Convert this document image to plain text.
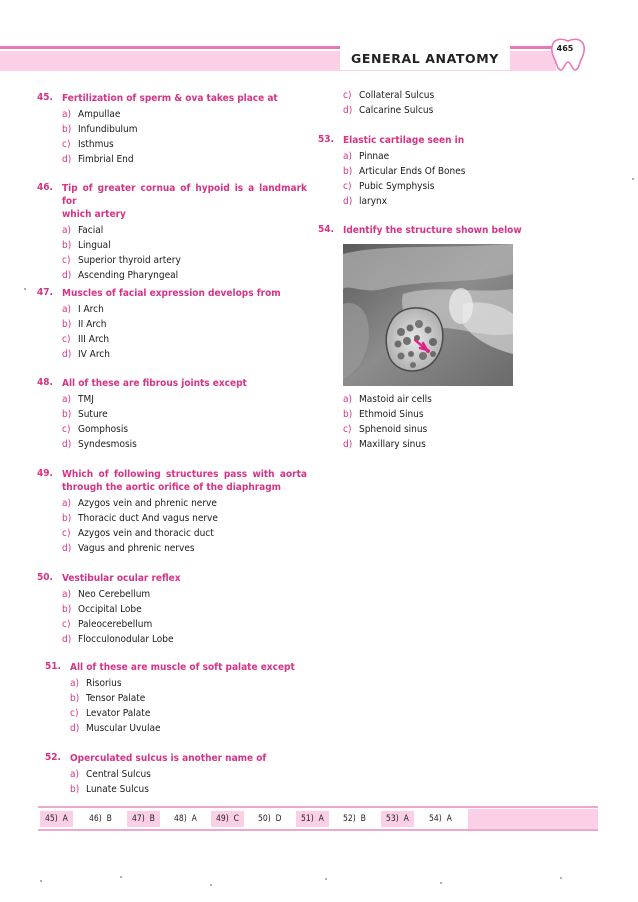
GENERAL ANATOMY
465
45. Fertilization of sperm & ova takes place at
a) Ampullae
b) Infundibulum
c) Isthmus
d) Fimbrial End
46. Tip of greater cornua of hypoid is a landmark for
which artery
a) Facial
b) Lingual
c) Superior thyroid artery
d) Ascending Pharyngeal
47. Muscles of facial expression develops from
a) I Arch
b) II Arch
c) III Arch
d) IV Arch
48. All of these are fibrous joints except
a) TMJ
b) Suture
c) Gomphosis
d) Syndesmosis
49. Which of following structures pass with aorta
through the aortic orifice of the diaphragm
a) Azygos vein and phrenic nerve
b) Thoracic duct And vagus nerve
c) Azygos vein and thoracic duct
d) Vagus and phrenic nerves
50. Vestibular ocular reflex
a) Neo Cerebellum
b) Occipital Lobe
c) Paleocerebellum
d) Flocculonodular Lobe
51. All of these are muscle of soft palate except
a) Risorius
b) Tensor Palate
c) Levator Palate
d) Muscular Uvulae
52. Operculated sulcus is another name of
a) Central Sulcus
b) Lunate Sulcus
c) Collateral Sulcus
d) Calcarine Sulcus
53. Elastic cartilage seen in
a) Pinnae
b) Articular Ends Of Bones
c) Pubic Symphysis
d) larynx
54. Identify the structure shown below
a) Mastoid air cells
b) Ethmoid Sinus
c) Sphenoid sinus
d) Maxillary sinus
45) A	46) B	47) B	48) A	49) C	50) D	51) A	52) B	53) A	54) A
